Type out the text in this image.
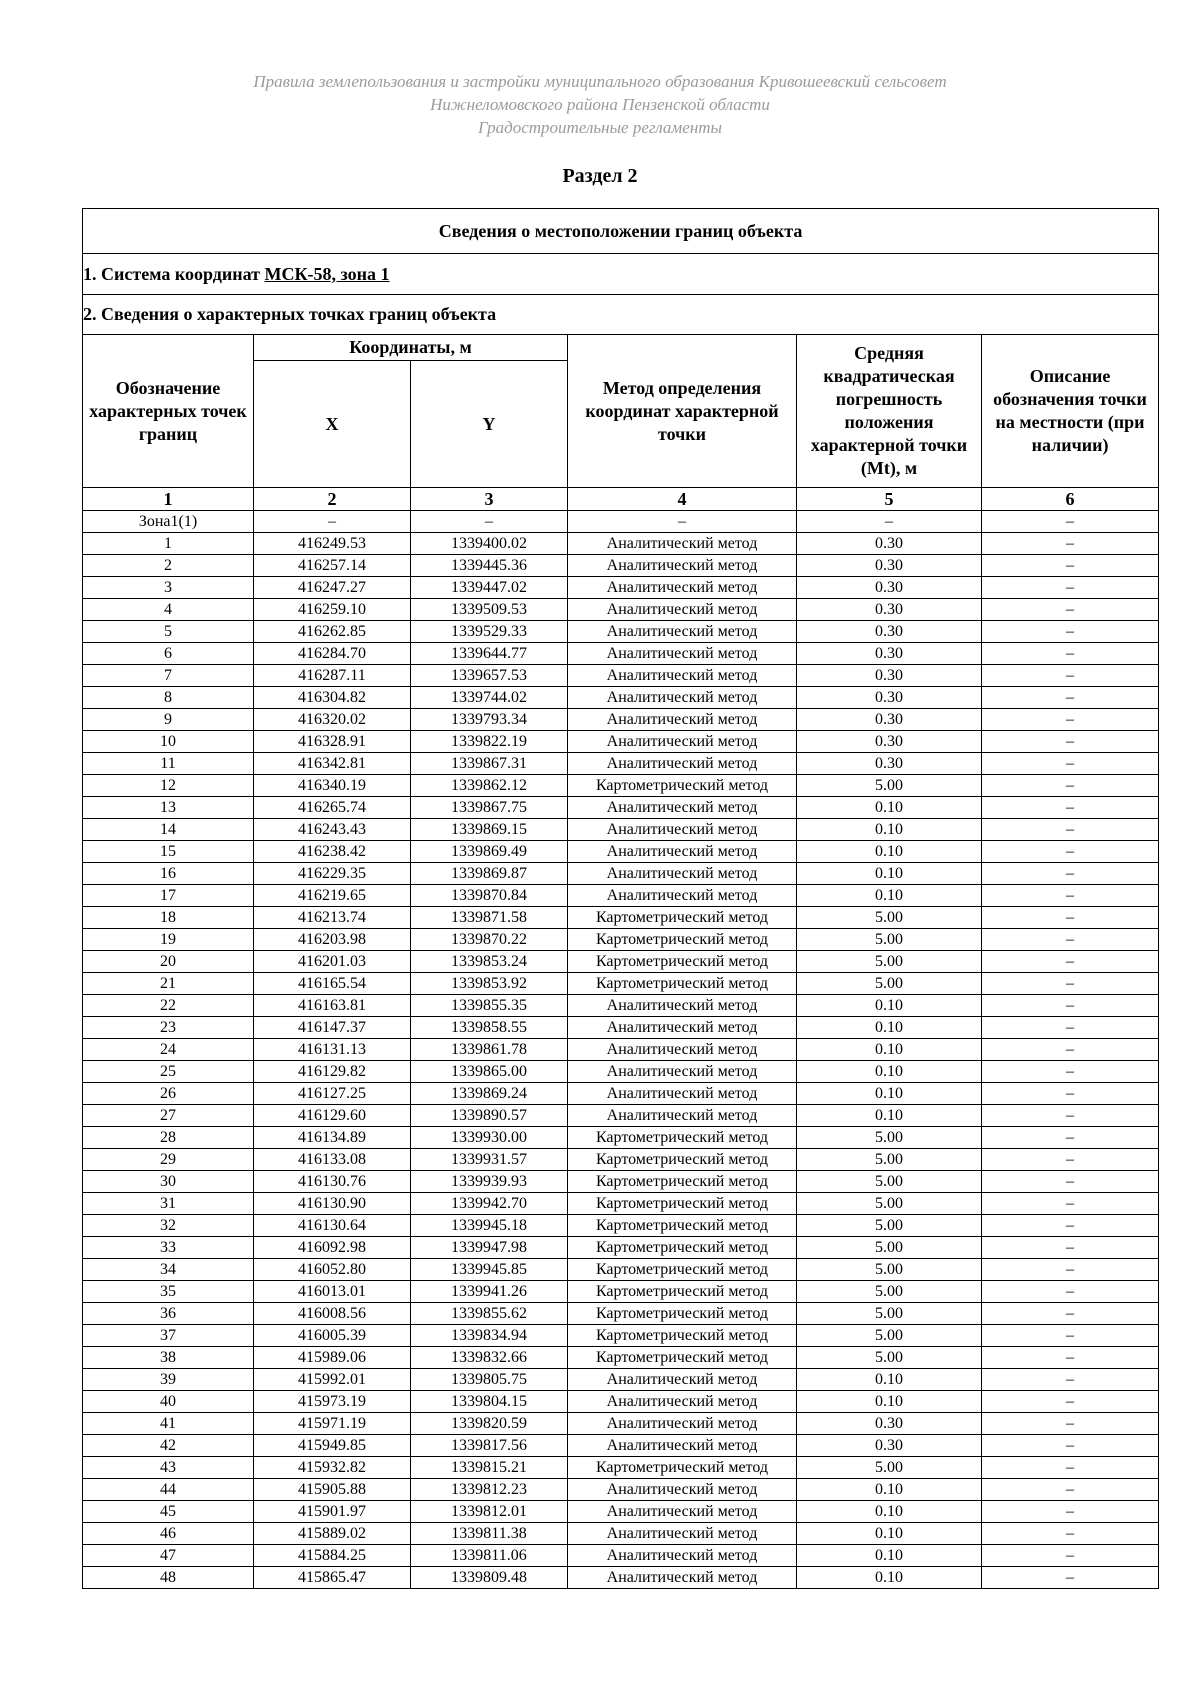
Правила землепользования и застройки муниципального образования Кривошеевский сельсовет
Нижнеломовского района Пензенской области
Градостроительные регламенты
Раздел 2
Сведения о местоположении границ объекта					
1. Система координат МСК-58, зона 1					
2. Сведения о характерных точках границ объекта					
Обозначение характерных точек границ	Координаты, м		Метод определения координат характерной точки	Средняя квадратическая погрешность положения характерной точки (Mt), м	Описание обозначения точки на местности (при наличии)
	X	Y			
1	2	3	4	5	6
Зона1(1)	–	–	–	–	–
1	416249.53	1339400.02	Аналитический метод	0.30	–
2	416257.14	1339445.36	Аналитический метод	0.30	–
3	416247.27	1339447.02	Аналитический метод	0.30	–
4	416259.10	1339509.53	Аналитический метод	0.30	–
5	416262.85	1339529.33	Аналитический метод	0.30	–
6	416284.70	1339644.77	Аналитический метод	0.30	–
7	416287.11	1339657.53	Аналитический метод	0.30	–
8	416304.82	1339744.02	Аналитический метод	0.30	–
9	416320.02	1339793.34	Аналитический метод	0.30	–
10	416328.91	1339822.19	Аналитический метод	0.30	–
11	416342.81	1339867.31	Аналитический метод	0.30	–
12	416340.19	1339862.12	Картометрический метод	5.00	–
13	416265.74	1339867.75	Аналитический метод	0.10	–
14	416243.43	1339869.15	Аналитический метод	0.10	–
15	416238.42	1339869.49	Аналитический метод	0.10	–
16	416229.35	1339869.87	Аналитический метод	0.10	–
17	416219.65	1339870.84	Аналитический метод	0.10	–
18	416213.74	1339871.58	Картометрический метод	5.00	–
19	416203.98	1339870.22	Картометрический метод	5.00	–
20	416201.03	1339853.24	Картометрический метод	5.00	–
21	416165.54	1339853.92	Картометрический метод	5.00	–
22	416163.81	1339855.35	Аналитический метод	0.10	–
23	416147.37	1339858.55	Аналитический метод	0.10	–
24	416131.13	1339861.78	Аналитический метод	0.10	–
25	416129.82	1339865.00	Аналитический метод	0.10	–
26	416127.25	1339869.24	Аналитический метод	0.10	–
27	416129.60	1339890.57	Аналитический метод	0.10	–
28	416134.89	1339930.00	Картометрический метод	5.00	–
29	416133.08	1339931.57	Картометрический метод	5.00	–
30	416130.76	1339939.93	Картометрический метод	5.00	–
31	416130.90	1339942.70	Картометрический метод	5.00	–
32	416130.64	1339945.18	Картометрический метод	5.00	–
33	416092.98	1339947.98	Картометрический метод	5.00	–
34	416052.80	1339945.85	Картометрический метод	5.00	–
35	416013.01	1339941.26	Картометрический метод	5.00	–
36	416008.56	1339855.62	Картометрический метод	5.00	–
37	416005.39	1339834.94	Картометрический метод	5.00	–
38	415989.06	1339832.66	Картометрический метод	5.00	–
39	415992.01	1339805.75	Аналитический метод	0.10	–
40	415973.19	1339804.15	Аналитический метод	0.10	–
41	415971.19	1339820.59	Аналитический метод	0.30	–
42	415949.85	1339817.56	Аналитический метод	0.30	–
43	415932.82	1339815.21	Картометрический метод	5.00	–
44	415905.88	1339812.23	Аналитический метод	0.10	–
45	415901.97	1339812.01	Аналитический метод	0.10	–
46	415889.02	1339811.38	Аналитический метод	0.10	–
47	415884.25	1339811.06	Аналитический метод	0.10	–
48	415865.47	1339809.48	Аналитический метод	0.10	–
